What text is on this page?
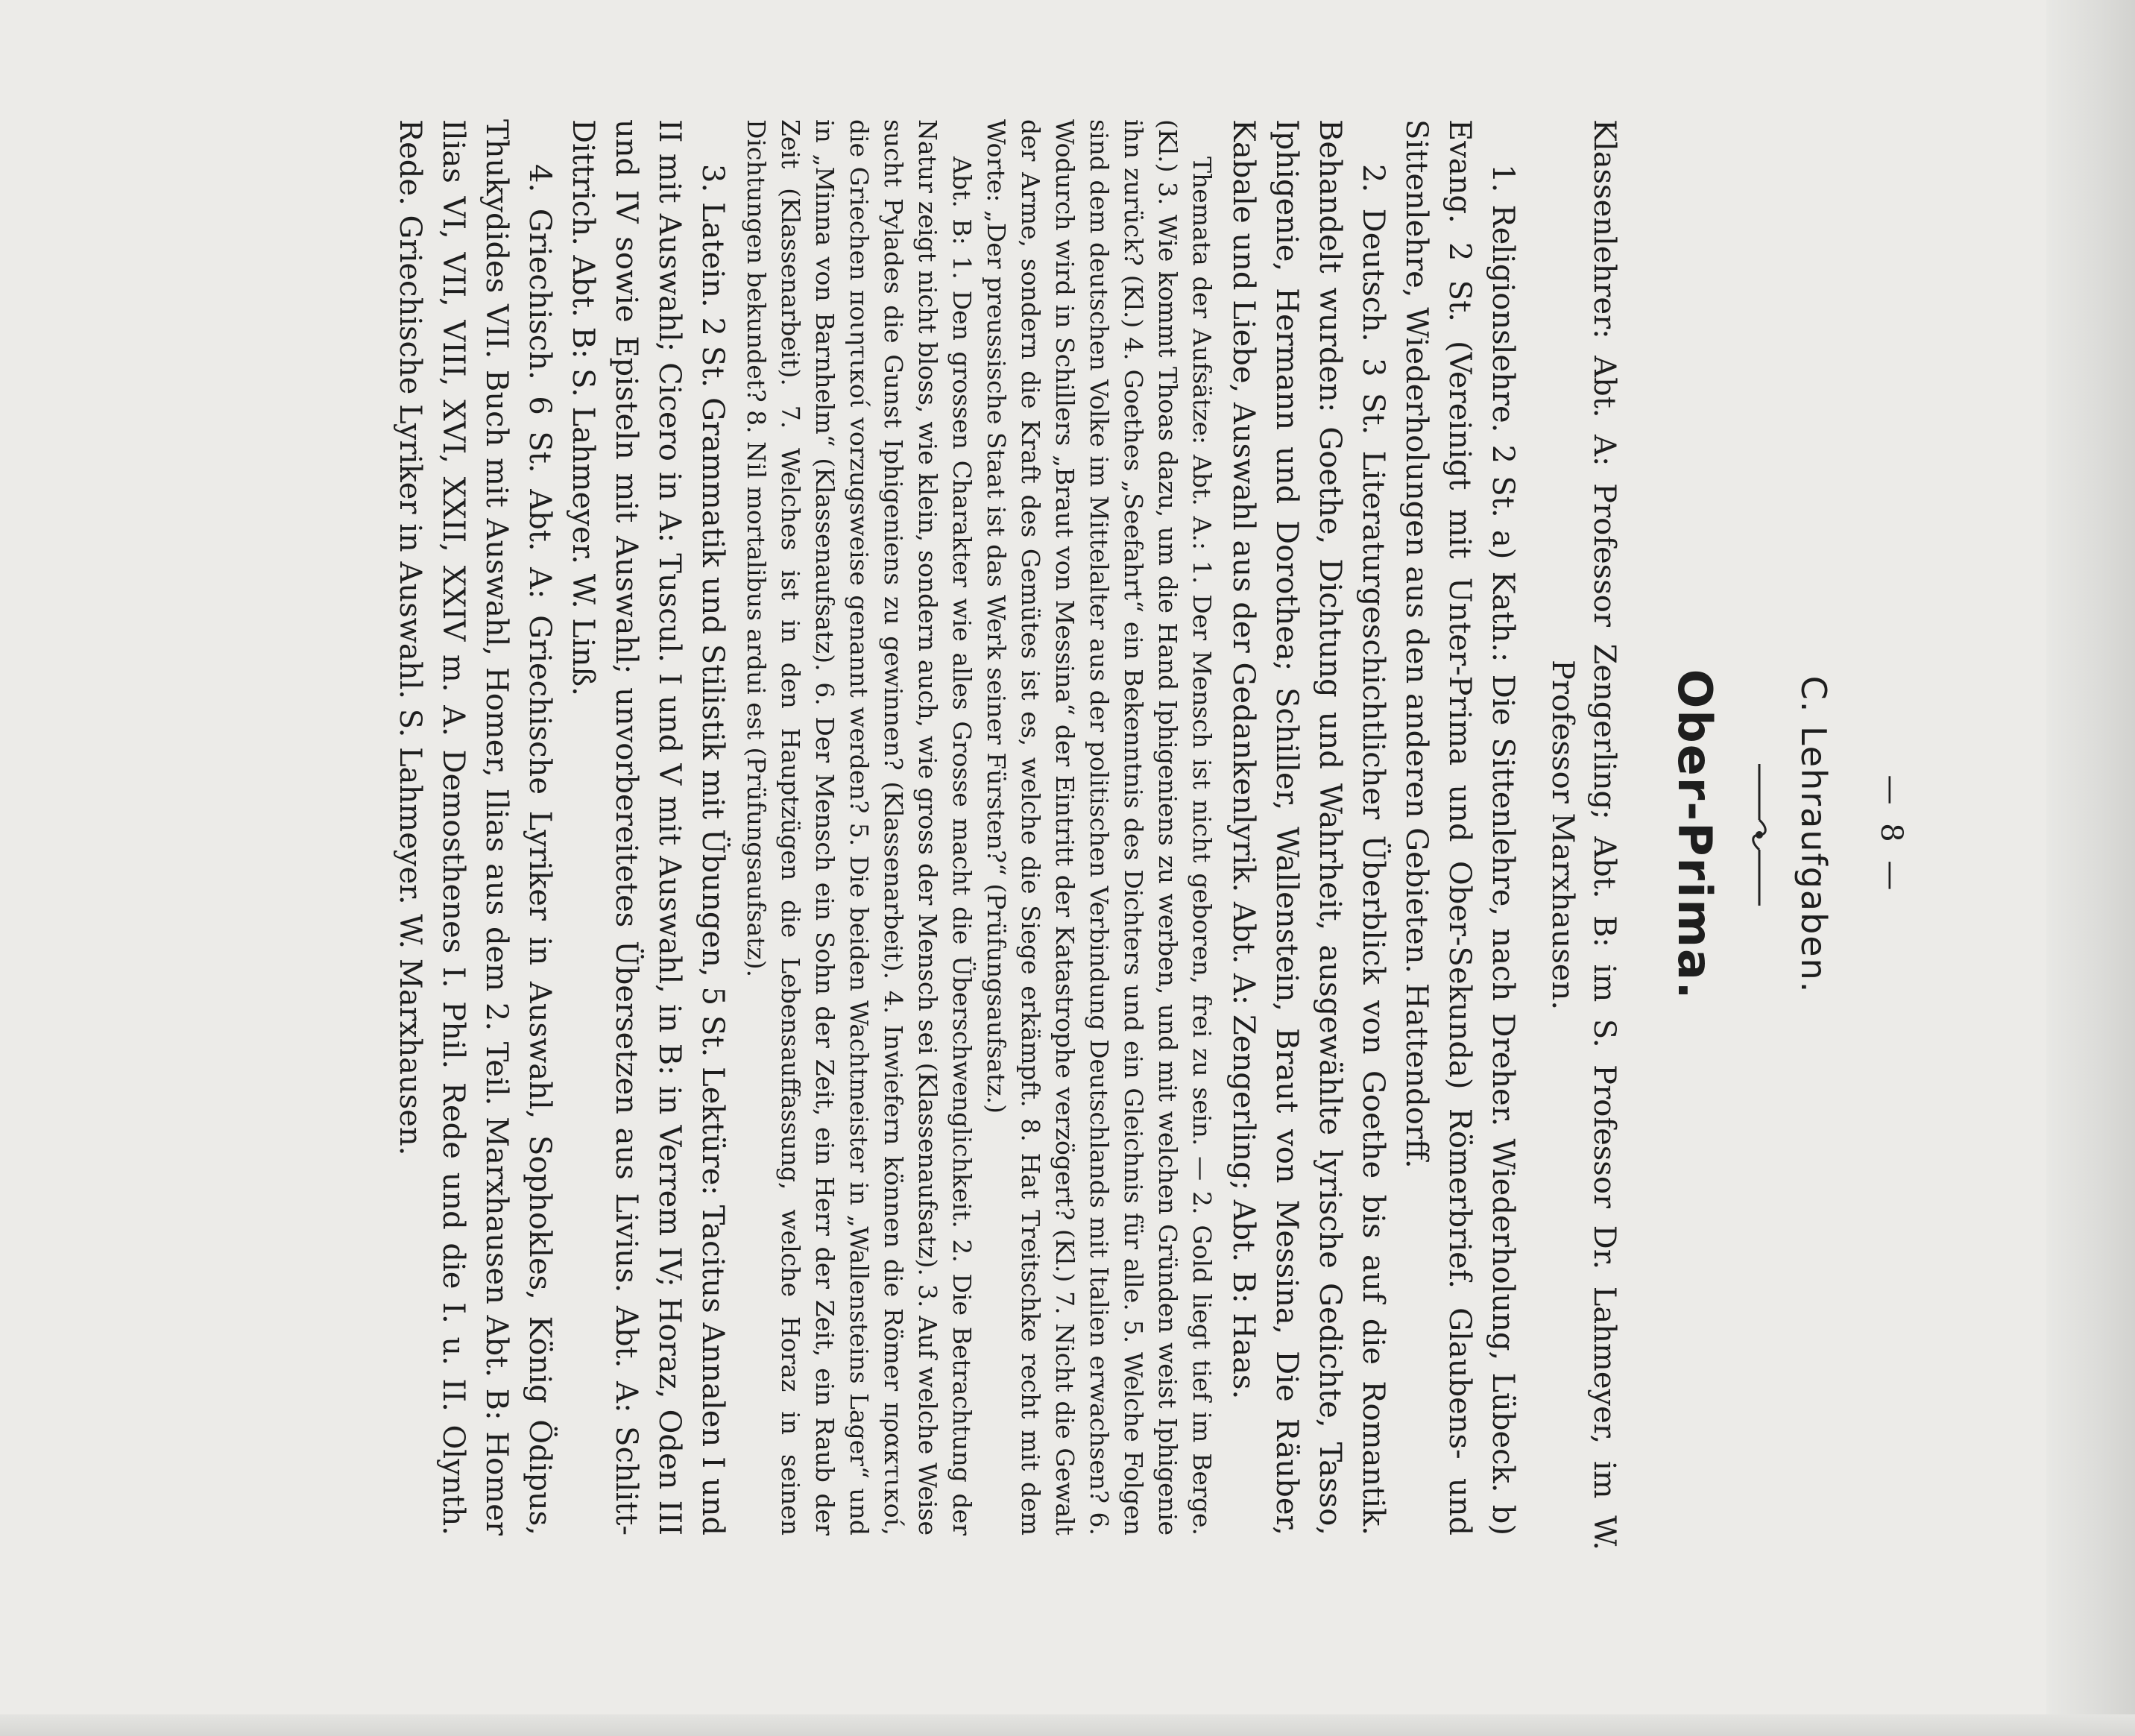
— 8 —
C. Lehraufgaben.
Ober-Prima.
Klassenlehrer: Abt. A: Professor Zengerling; Abt. B: im S. Professor Dr. Lahmeyer, im W. Professor Marxhausen.

1. Religionslehre. 2 St. a) Kath.: Die Sittenlehre, nach Dreher. Wiederholung, Lübeck. b) Evang. 2 St. (Vereinigt mit Unter-Prima und Ober-Sekunda) Römerbrief. Glaubens- und Sittenlehre, Wiederholungen aus den anderen Gebieten. Hattendorff.

2. Deutsch. 3 St. Literaturgeschichtlicher Überblick von Goethe bis auf die Romantik. Behandelt wurden: Goethe, Dichtung und Wahrheit, ausgewählte lyrische Gedichte, Tasso, Iphigenie, Hermann und Dorothea; Schiller, Wallenstein, Braut von Messina, Die Räuber, Kabale und Liebe, Auswahl aus der Gedankenlyrik. Abt. A: Zengerling; Abt. B: Haas.

Themata der Aufsätze: Abt. A.: 1. Der Mensch ist nicht geboren, frei zu sein. — 2. Gold liegt tief im Berge. (Kl.) 3. Wie kommt Thoas dazu, um die Hand Iphigeniens zu werben, und mit welchen Gründen weist Iphigenie ihn zurück? (Kl.) 4. Goethes „Seefahrt“ ein Bekenntnis des Dichters und ein Gleichnis für alle. 5. Welche Folgen sind dem deutschen Volke im Mittelalter aus der politischen Verbindung Deutschlands mit Italien erwachsen? 6. Wodurch wird in Schillers „Braut von Messina“ der Eintritt der Katastrophe verzögert? (Kl.) 7. Nicht die Gewalt der Arme, sondern die Kraft des Gemütes ist es, welche die Siege erkämpft. 8. Hat Treitschke recht mit dem Worte: „Der preussische Staat ist das Werk seiner Fürsten?“ (Prüfungsaufsatz.)

Abt. B: 1. Den grossen Charakter wie alles Grosse macht die Überschwenglichkeit. 2. Die Betrachtung der Natur zeigt nicht bloss, wie klein, sondern auch, wie gross der Mensch sei (Klassenaufsatz). 3. Auf welche Weise sucht Pylades die Gunst Iphigeniens zu gewinnen? (Klassenarbeit). 4. Inwiefern können die Römer πρακτικοί, die Griechen ποιητικοί vorzugsweise genannt werden? 5. Die beiden Wachtmeister in „Wallensteins Lager“ und in „Minna von Barnhelm“ (Klassenaufsatz). 6. Der Mensch ein Sohn der Zeit, ein Herr der Zeit, ein Raub der Zeit (Klassenarbeit). 7. Welches ist in den Hauptzügen die Lebensauffassung, welche Horaz in seinen Dichtungen bekundet? 8. Nil mortalibus ardui est (Prüfungsaufsatz).

3. Latein. 2 St. Grammatik und Stilistik mit Übungen, 5 St. Lektüre: Tacitus Annalen I und II mit Auswahl; Cicero in A: Tuscul. I und V mit Auswahl, in B: in Verrem IV; Horaz, Oden III und IV sowie Episteln mit Auswahl; unvorbereitetes Übersetzen aus Livius. Abt. A: Schlitt-Dittrich. Abt. B: S. Lahmeyer. W. Linß.

4. Griechisch. 6 St. Abt. A: Griechische Lyriker in Auswahl, Sophokles, König Ödipus, Thukydides VII. Buch mit Auswahl, Homer, Ilias aus dem 2. Teil. Marxhausen Abt. B: Homer Ilias VI, VII, VIII, XVI, XXII, XXIV m. A. Demosthenes I. Phil. Rede und die I. u. II. Olynth. Rede. Griechische Lyriker in Auswahl. S. Lahmeyer. W. Marxhausen.
